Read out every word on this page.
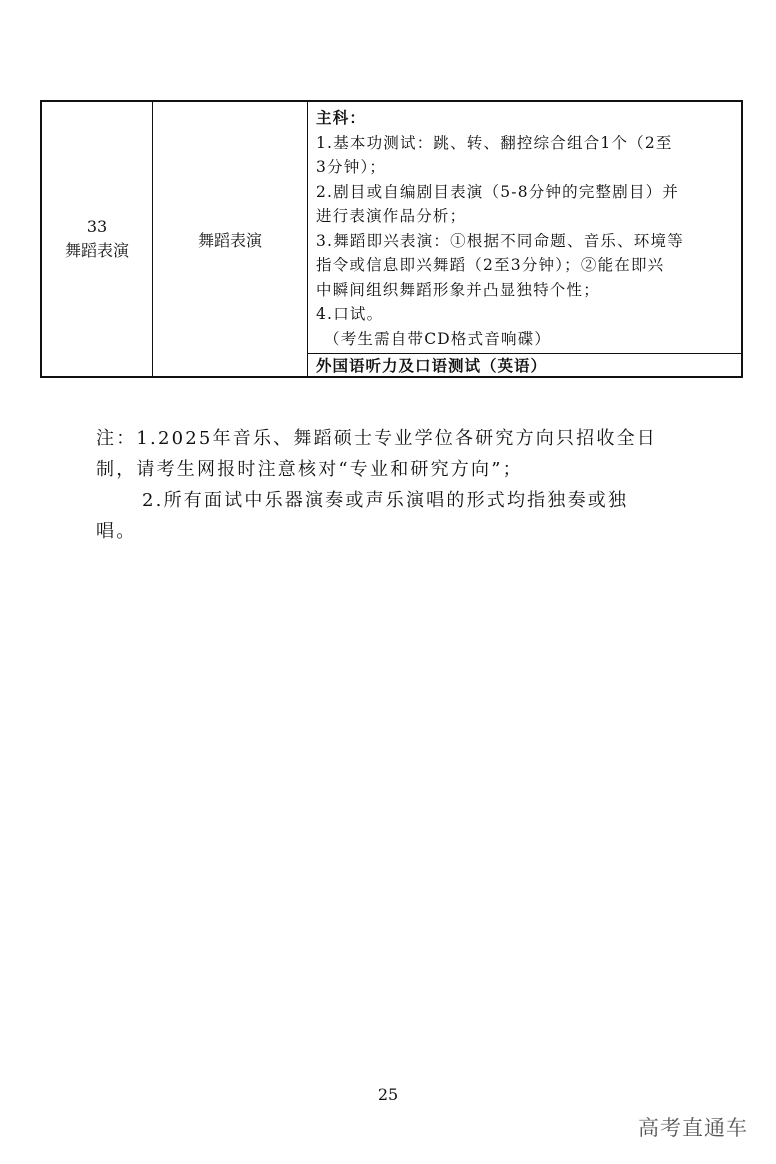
33
舞蹈表演
舞蹈表演
主科：
1.基本功测试：跳、转、翻控综合组合1个（2至
3分钟）；
2.剧目或自编剧目表演（5-8分钟的完整剧目）并
进行表演作品分析；
3.舞蹈即兴表演：①根据不同命题、音乐、环境等
指令或信息即兴舞蹈（2至3分钟）；②能在即兴
中瞬间组织舞蹈形象并凸显独特个性；
4.口试。
（考生需自带CD格式音响碟）
外国语听力及口语测试（英语）
注：1.2025年音乐、舞蹈硕士专业学位各研究方向只招收全日
制，请考生网报时注意核对“专业和研究方向”；
2.所有面试中乐器演奏或声乐演唱的形式均指独奏或独
唱。
25
高考直通车
